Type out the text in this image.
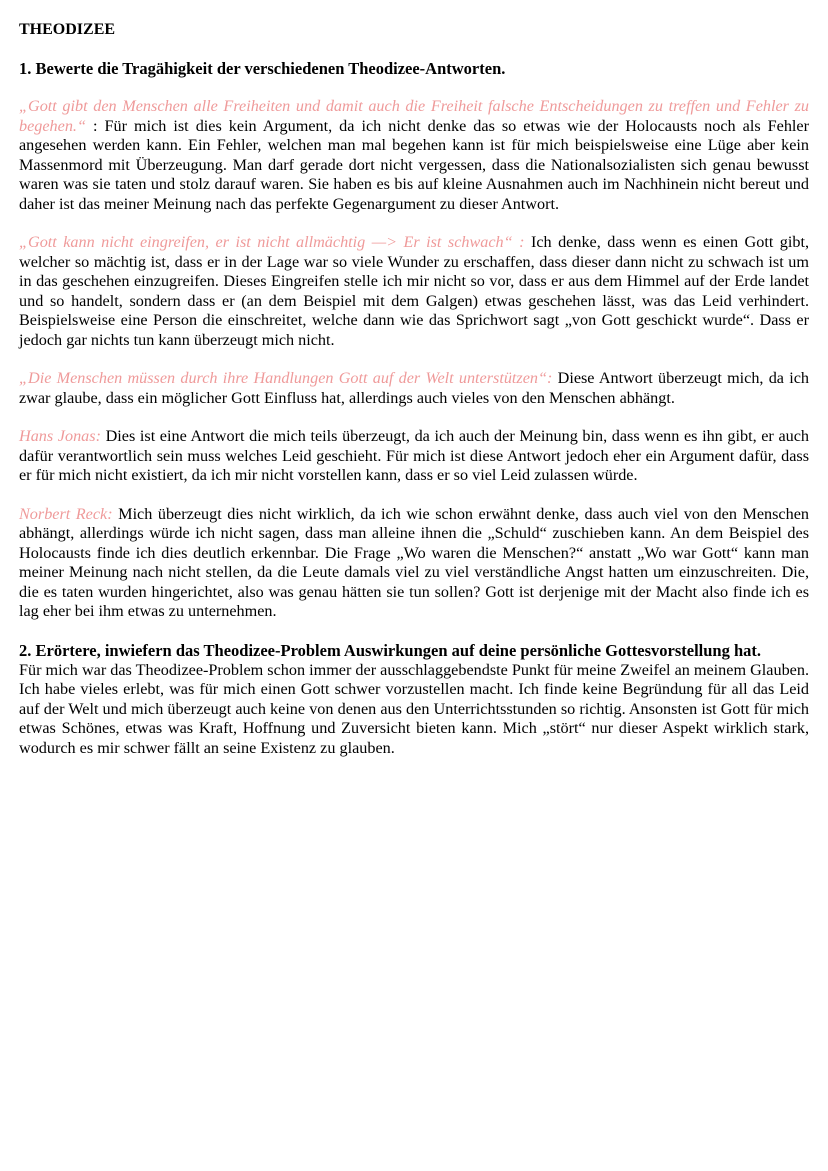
THEODIZEE
1. Bewerte die Tragähigkeit der verschiedenen Theodizee-Antworten.

„Gott gibt den Menschen alle Freiheiten und damit auch die Freiheit falsche Entscheidungen zu treffen und Fehler zu begehen.“ : Für mich ist dies kein Argument, da ich nicht denke das so etwas wie der Holocausts noch als Fehler angesehen werden kann. Ein Fehler, welchen man mal begehen kann ist für mich beispielsweise eine Lüge aber kein Massenmord mit Überzeugung. Man darf gerade dort nicht vergessen, dass die Nationalsozialisten sich genau bewusst waren was sie taten und stolz darauf waren. Sie haben es bis auf kleine Ausnahmen auch im Nachhinein nicht bereut und daher ist das meiner Meinung nach das perfekte Gegenargument zu dieser Antwort.

„Gott kann nicht eingreifen, er ist nicht allmächtig —> Er ist schwach“ : Ich denke, dass wenn es einen Gott gibt, welcher so mächtig ist, dass er in der Lage war so viele Wunder zu erschaffen, dass dieser dann nicht zu schwach ist um in das geschehen einzugreifen. Dieses Eingreifen stelle ich mir nicht so vor, dass er aus dem Himmel auf der Erde landet und so handelt, sondern dass er (an dem Beispiel mit dem Galgen) etwas geschehen lässt, was das Leid verhindert. Beispielsweise eine Person die einschreitet, welche dann wie das Sprichwort sagt „von Gott geschickt wurde“. Dass er jedoch gar nichts tun kann überzeugt mich nicht.

„Die Menschen müssen durch ihre Handlungen Gott auf der Welt unterstützen“: Diese Antwort überzeugt mich, da ich zwar glaube, dass ein möglicher Gott Einfluss hat, allerdings auch vieles von den Menschen abhängt.

Hans Jonas: Dies ist eine Antwort die mich teils überzeugt, da ich auch der Meinung bin, dass wenn es ihn gibt, er auch dafür verantwortlich sein muss welches Leid geschieht. Für mich ist diese Antwort jedoch eher ein Argument dafür, dass er für mich nicht existiert, da ich mir nicht vorstellen kann, dass er so viel Leid zulassen würde.

Norbert Reck: Mich überzeugt dies nicht wirklich, da ich wie schon erwähnt denke, dass auch viel von den Menschen abhängt, allerdings würde ich nicht sagen, dass man alleine ihnen die „Schuld“ zuschieben kann. An dem Beispiel des Holocausts finde ich dies deutlich erkennbar. Die Frage „Wo waren die Menschen?“ anstatt „Wo war Gott“ kann man meiner Meinung nach nicht stellen, da die Leute damals viel zu viel verständliche Angst hatten um einzuschreiten. Die, die es taten wurden hingerichtet, also was genau hätten sie tun sollen? Gott ist derjenige mit der Macht also finde ich es lag eher bei ihm etwas zu unternehmen.

2. Erörtere, inwiefern das Theodizee-Problem Auswirkungen auf deine persönliche Gottesvorstellung hat.

Für mich war das Theodizee-Problem schon immer der ausschlaggebendste Punkt für meine Zweifel an meinem Glauben. Ich habe vieles erlebt, was für mich einen Gott schwer vorzustellen macht. Ich finde keine Begründung für all das Leid auf der Welt und mich überzeugt auch keine von denen aus den Unterrichtsstunden so richtig. Ansonsten ist Gott für mich etwas Schönes, etwas was Kraft, Hoffnung und Zuversicht bieten kann. Mich „stört“ nur dieser Aspekt wirklich stark, wodurch es mir schwer fällt an seine Existenz zu glauben.
